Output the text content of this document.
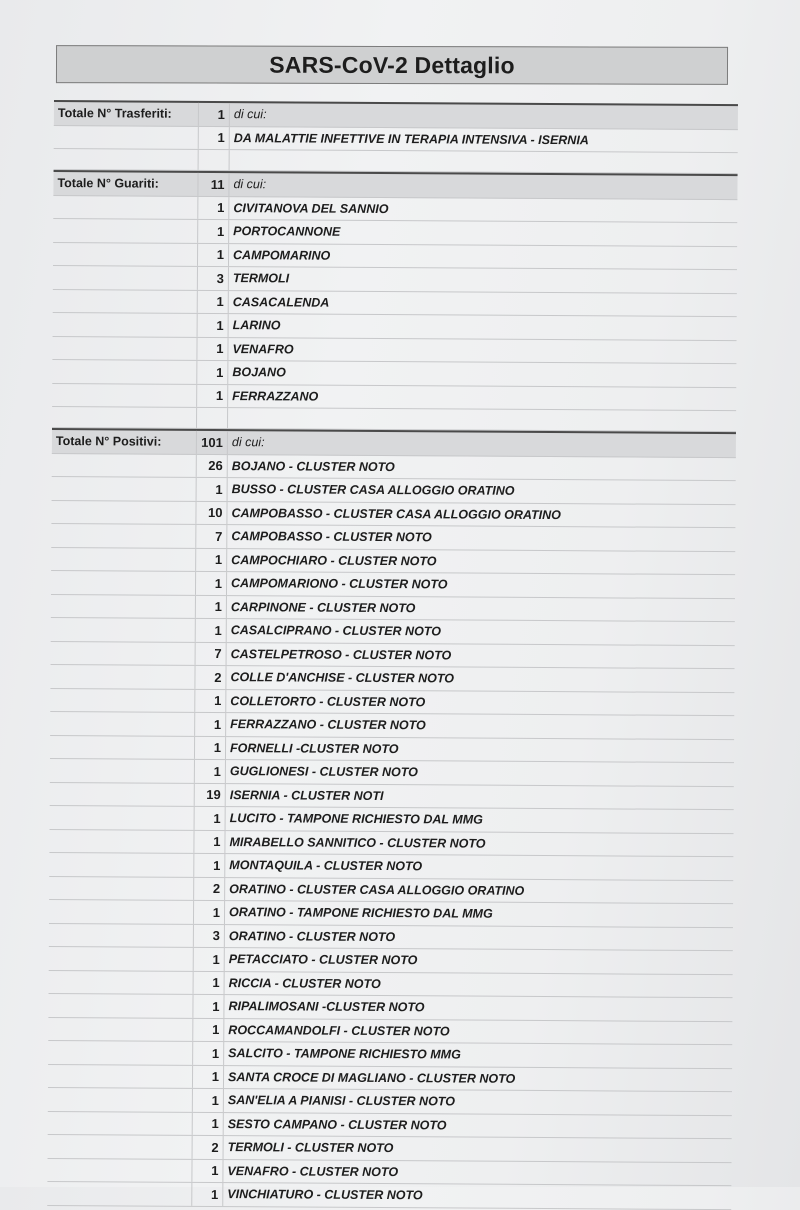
SARS-CoV-2 Dettaglio
Totale N° Trasferiti:	1 di cui:
1 DA MALATTIE INFETTIVE IN TERAPIA INTENSIVA - ISERNIA
Totale N° Guariti:	11 di cui:
1 CIVITANOVA DEL SANNIO
1 PORTOCANNONE
1 CAMPOMARINO
3 TERMOLI
1 CASACALENDA
1 LARINO
1 VENAFRO
1 BOJANO
1 FERRAZZANO
Totale N° Positivi:	101 di cui:
26 BOJANO - CLUSTER NOTO
1 BUSSO - CLUSTER CASA ALLOGGIO ORATINO
10 CAMPOBASSO - CLUSTER CASA ALLOGGIO ORATINO
7 CAMPOBASSO - CLUSTER NOTO
1 CAMPOCHIARO - CLUSTER NOTO
1 CAMPOMARIONO - CLUSTER NOTO
1 CARPINONE - CLUSTER NOTO
1 CASALCIPRANO - CLUSTER NOTO
7 CASTELPETROSO - CLUSTER NOTO
2 COLLE D'ANCHISE - CLUSTER NOTO
1 COLLETORTO - CLUSTER NOTO
1 FERRAZZANO - CLUSTER NOTO
1 FORNELLI -CLUSTER NOTO
1 GUGLIONESI - CLUSTER NOTO
19 ISERNIA - CLUSTER NOTI
1 LUCITO - TAMPONE RICHIESTO DAL MMG
1 MIRABELLO SANNITICO - CLUSTER NOTO
1 MONTAQUILA - CLUSTER NOTO
2 ORATINO - CLUSTER CASA ALLOGGIO ORATINO
1 ORATINO - TAMPONE RICHIESTO DAL MMG
3 ORATINO - CLUSTER NOTO
1 PETACCIATO - CLUSTER NOTO
1 RICCIA - CLUSTER NOTO
1 RIPALIMOSANI -CLUSTER NOTO
1 ROCCAMANDOLFI - CLUSTER NOTO
1 SALCITO - TAMPONE RICHIESTO MMG
1 SANTA CROCE DI MAGLIANO - CLUSTER NOTO
1 SAN'ELIA A PIANISI - CLUSTER NOTO
1 SESTO CAMPANO - CLUSTER NOTO
2 TERMOLI - CLUSTER NOTO
1 VENAFRO - CLUSTER NOTO
1 VINCHIATURO - CLUSTER NOTO
